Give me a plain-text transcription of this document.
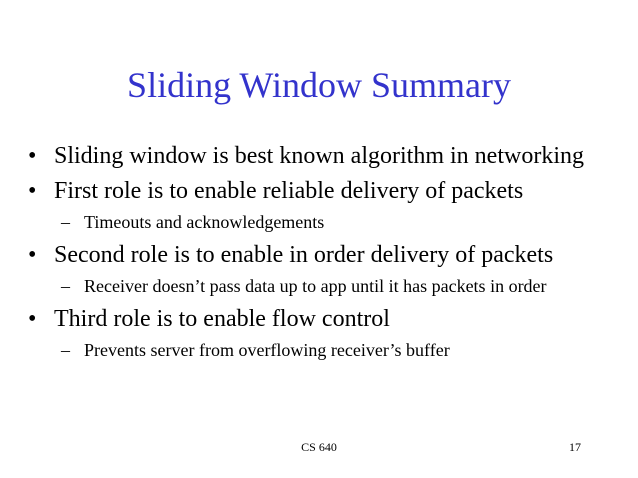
Sliding Window Summary
• Sliding window is best known algorithm in networking
• First role is to enable reliable delivery of packets
– Timeouts and acknowledgements
• Second role is to enable in order delivery of packets
– Receiver doesn’t pass data up to app until it has packets in order
• Third role is to enable flow control
– Prevents server from overflowing receiver’s buffer
CS 640	17
